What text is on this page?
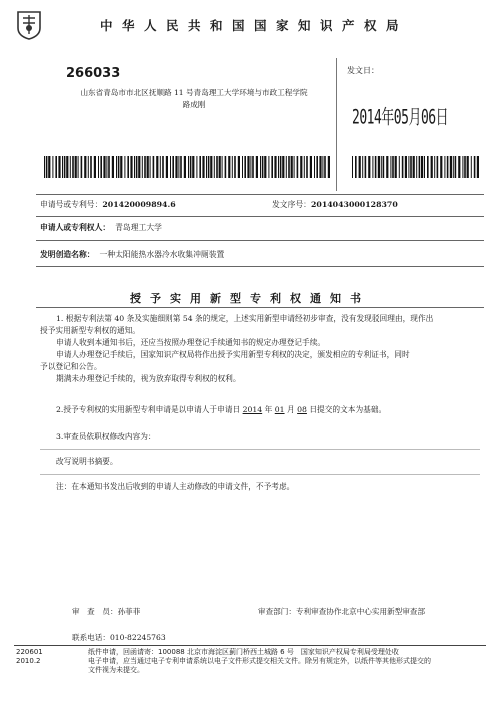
中华人民共和国国家知识产权局
266033
山东省青岛市市北区抚顺路 11 号青岛理工大学环境与市政工程学院
路成刚
发文日：
2014年05月06日
申请号或专利号：201420009894.6	发文序号：2014043000128370
申请人或专利权人： 青岛理工大学
发明创造名称： 一种太阳能热水器冷水收集冲厕装置
授予实用新型专利权通知书
1. 根据专利法第 40 条及实施细则第 54 条的规定，上述实用新型申请经初步审查，没有发现驳回理由，现作出
授予实用新型专利权的通知。
申请人收到本通知书后，还应当按照办理登记手续通知书的规定办理登记手续。
申请人办理登记手续后，国家知识产权局将作出授予实用新型专利权的决定，颁发相应的专利证书，同时
予以登记和公告。
期满未办理登记手续的，视为放弃取得专利权的权利。
2.授予专利权的实用新型专利申请是以申请人于申请日 2014 年 01 月 08 日提交的文本为基础。
3.审查员依职权修改内容为：
改写说明书摘要。
注：在本通知书发出后收到的申请人主动修改的申请文件，不予考虑。
审　查　员：孙菲菲	审查部门：专利审查协作北京中心实用新型审查部
联系电话：010-82245763
220601
2010.2
纸件申请，回函请寄：100088 北京市海淀区蓟门桥西土城路 6 号　国家知识产权局专利局受理处收
电子申请，应当通过电子专利申请系统以电子文件形式提交相关文件。除另有规定外，以纸件等其他形式提交的
文件视为未提交。
